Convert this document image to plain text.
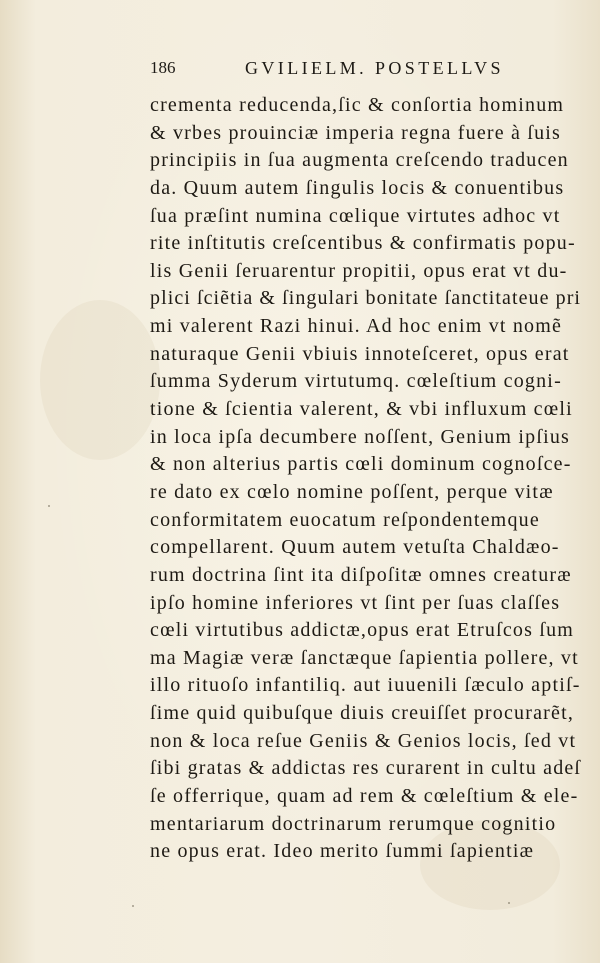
186	GVILIELM. POSTELLVS
crementa reducenda,ſic & conſortia hominum
& vrbes prouinciæ imperia regna fuere à ſuis
principiis in ſua augmenta creſcendo traducen
da. Quum autem ſingulis locis & conuentibus
ſua præſint numina cœlique virtutes adhoc vt
rite inſtitutis creſcentibus & confirmatis popu-
lis Genii ſeruarentur propitii, opus erat vt du-
plici ſciẽtia & ſingulari bonitate ſanctitateue pri
mi valerent Razi hinui. Ad hoc enim vt nomẽ
naturaque Genii vbiuis innoteſceret, opus erat
ſumma Syderum virtutumq. cœleſtium cogni-
tione & ſcientia valerent, & vbi influxum cœli
in loca ipſa decumbere noſſent, Genium ipſius
& non alterius partis cœli dominum cognoſce-
re dato ex cœlo nomine poſſent, perque vitæ
conformitatem euocatum reſpondentemque
compellarent. Quum autem vetuſta Chaldæo-
rum doctrina ſint ita diſpoſitæ omnes creaturæ
ipſo homine inferiores vt ſint per ſuas claſſes
cœli virtutibus addictæ,opus erat Etruſcos ſum
ma Magiæ veræ ſanctæque ſapientia pollere, vt
illo rituoſo infantiliq. aut iuuenili ſæculo aptiſ-
ſime quid quibuſque diuis creuiſſet procurarẽt,
non & loca reſue Geniis & Genios locis, ſed vt
ſibi gratas & addictas res curarent in cultu adeſ
ſe offerrique, quam ad rem & cœleſtium & ele-
mentariarum doctrinarum rerumque cognitio
ne opus erat. Ideo merito ſummi ſapientiæ
